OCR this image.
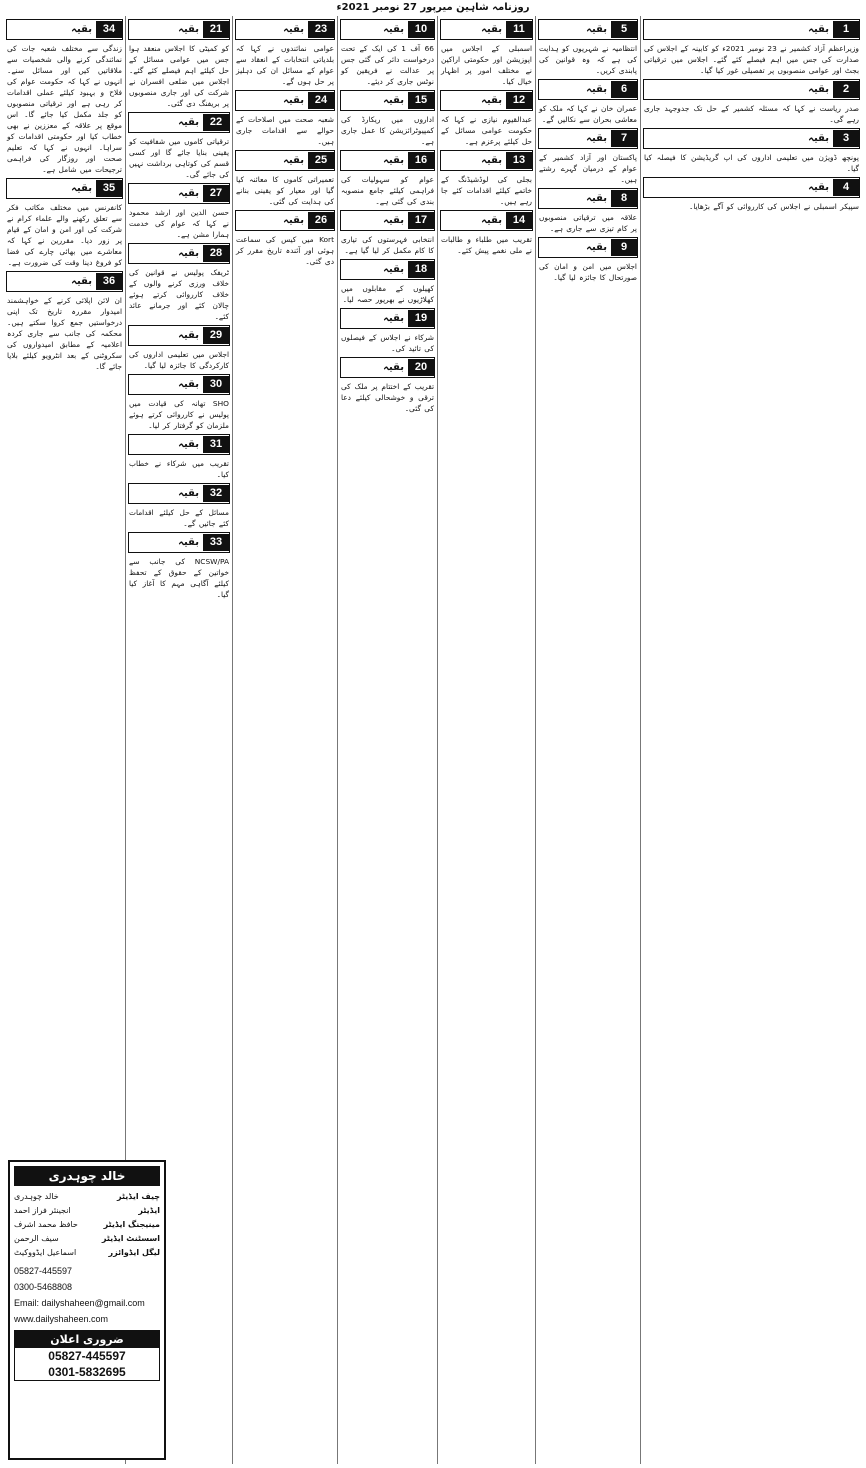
روزنامہ شاہین میرپور 27 نومبر 2021ء
بقیہ 34
زندگی سے مختلف شعبہ جات کی نمائندگی کرنے والی شخصیات سے ملاقاتیں کیں اور مسائل سنے۔ انہوں نے کہا کہ حکومت عوام کی فلاح و بہبود کیلئے عملی اقدامات کر رہی ہے اور ترقیاتی منصوبوں کو جلد مکمل کیا جائے گا۔ اس موقع پر علاقہ کے معززین نے بھی خطاب کیا اور حکومتی اقدامات کو سراہا۔ انہوں نے کہا کہ تعلیم صحت اور روزگار کی فراہمی ترجیحات میں شامل ہے۔
بقیہ 35
کانفرنس میں مختلف مکاتب فکر سے تعلق رکھنے والے علماء کرام نے شرکت کی اور امن و امان کے قیام پر زور دیا۔ مقررین نے کہا کہ معاشرے میں بھائی چارے کی فضا کو فروغ دینا وقت کی ضرورت ہے۔
بقیہ 36
ان لائن اپلائی کرنے کے خواہشمند امیدوار مقررہ تاریخ تک اپنی درخواستیں جمع کروا سکتے ہیں۔ محکمہ کی جانب سے جاری کردہ اعلامیہ کے مطابق امیدواروں کی سکروٹنی کے بعد انٹرویو کیلئے بلایا جائے گا۔
بقیہ 21
کو کمیٹی کا اجلاس منعقد ہوا جس میں عوامی مسائل کے حل کیلئے اہم فیصلے کئے گئے۔ اجلاس میں ضلعی افسران نے شرکت کی اور جاری منصوبوں پر بریفنگ دی گئی۔
بقیہ 22
ترقیاتی کاموں میں شفافیت کو یقینی بنایا جائے گا اور کسی قسم کی کوتاہی برداشت نہیں کی جائے گی۔
بقیہ 27
حسن الدین اور ارشد محمود نے کہا کہ عوام کی خدمت ہمارا مشن ہے۔
بقیہ 28
ٹریفک پولیس نے قوانین کی خلاف ورزی کرنے والوں کے خلاف کارروائی کرتے ہوئے چالان کئے اور جرمانے عائد کئے۔
بقیہ 29
اجلاس میں تعلیمی اداروں کی کارکردگی کا جائزہ لیا گیا۔
بقیہ 30
SHO تھانہ کی قیادت میں پولیس نے کارروائی کرتے ہوئے ملزمان کو گرفتار کر لیا۔
بقیہ 31
تقریب میں شرکاء نے خطاب کیا۔
بقیہ 32
مسائل کے حل کیلئے اقدامات کئے جائیں گے۔
بقیہ 33
NCSW/PA کی جانب سے خواتین کے حقوق کے تحفظ کیلئے آگاہی مہم کا آغاز کیا گیا۔
بقیہ 23
عوامی نمائندوں نے کہا کہ بلدیاتی انتخابات کے انعقاد سے عوام کے مسائل ان کی دہلیز پر حل ہوں گے۔
بقیہ 24
شعبہ صحت میں اصلاحات کے حوالے سے اقدامات جاری ہیں۔
بقیہ 25
تعمیراتی کاموں کا معائنہ کیا گیا اور معیار کو یقینی بنانے کی ہدایت کی گئی۔
بقیہ 26
Kort میں کیس کی سماعت ہوئی اور آئندہ تاریخ مقرر کر دی گئی۔
بقیہ 10
66 آف 1 کی ایک کے تحت درخواست دائر کی گئی جس پر عدالت نے فریقین کو نوٹس جاری کر دیئے۔
بقیہ 15
اداروں میں ریکارڈ کی کمپیوٹرائزیشن کا عمل جاری ہے۔
بقیہ 16
عوام کو سہولیات کی فراہمی کیلئے جامع منصوبہ بندی کی گئی ہے۔
بقیہ 17
انتخابی فہرستوں کی تیاری کا کام مکمل کر لیا گیا ہے۔
بقیہ 18
کھیلوں کے مقابلوں میں کھلاڑیوں نے بھرپور حصہ لیا۔
بقیہ 19
شرکاء نے اجلاس کے فیصلوں کی تائید کی۔
بقیہ 20
تقریب کے اختتام پر ملک کی ترقی و خوشحالی کیلئے دعا کی گئی۔
بقیہ	11
اسمبلی کے اجلاس میں اپوزیشن اور حکومتی اراکین نے مختلف امور پر اظہار خیال کیا۔
بقیہ 12
عبدالقیوم نیازی نے کہا کہ حکومت عوامی مسائل کے حل کیلئے پرعزم ہے۔
بقیہ 13
بجلی کی لوڈشیڈنگ کے خاتمے کیلئے اقدامات کئے جا رہے ہیں۔
بقیہ 14
تقریب میں طلباء و طالبات نے ملی نغمے پیش کئے۔
بقیہ	5
انتظامیہ نے شہریوں کو ہدایت کی ہے کہ وہ قوانین کی پابندی کریں۔
بقیہ	6
عمران خان نے کہا کہ ملک کو معاشی بحران سے نکالیں گے۔
بقیہ	7
پاکستان اور آزاد کشمیر کے عوام کے درمیان گہرے رشتے ہیں۔
بقیہ	8
علاقہ میں ترقیاتی منصوبوں پر کام تیزی سے جاری ہے۔
بقیہ	9
اجلاس میں امن و امان کی صورتحال کا جائزہ لیا گیا۔
بقیہ	1
وزیراعظم آزاد کشمیر نے 23 نومبر 2021ء کو کابینہ کے اجلاس کی صدارت کی جس میں اہم فیصلے کئے گئے۔ اجلاس میں ترقیاتی بجٹ اور عوامی منصوبوں پر تفصیلی غور کیا گیا۔
بقیہ	2
صدر ریاست نے کہا کہ مسئلہ کشمیر کے حل تک جدوجہد جاری رہے گی۔
بقیہ	3
پونچھ ڈویژن میں تعلیمی اداروں کی اپ گریڈیشن کا فیصلہ کیا گیا۔
بقیہ	4
سپیکر اسمبلی نے اجلاس کی کارروائی کو آگے بڑھایا۔
خالد چوہدری
چیف ایڈیٹر
خالد چوہدری
ایڈیٹر
انجینئر فراز احمد
مینیجنگ ایڈیٹر
حافظ محمد اشرف
اسسٹنٹ ایڈیٹر
سیف الرحمن
لیگل ایڈوائزر
اسماعیل ایڈووکیٹ
05827-445597
0300-5468808
Email: dailyshaheen@gmail.com
www.dailyshaheen.com
ضروری اعلان
05827-445597
0301-5832695
